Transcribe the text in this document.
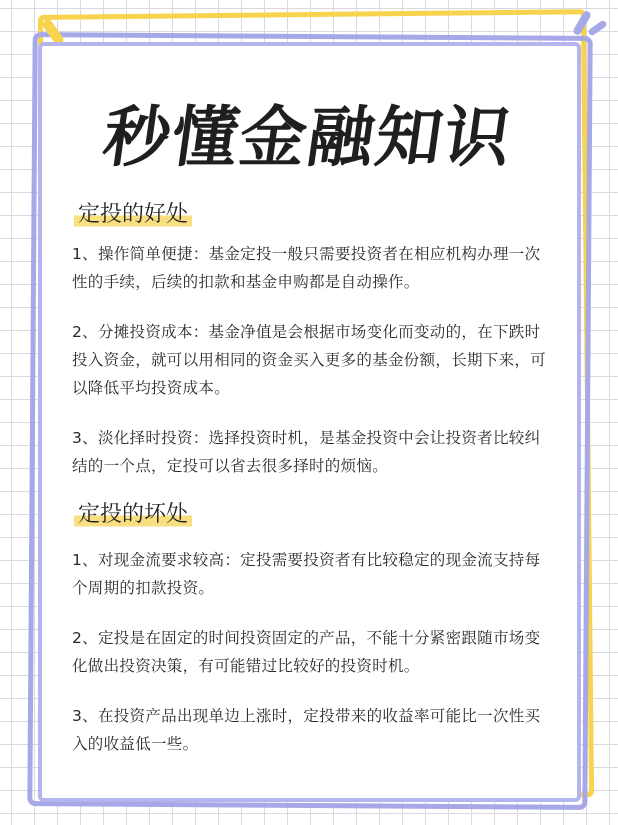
秒懂金融知识
定投的好处
1、操作简单便捷：基金定投一般只需要投资者在相应机构办理一次性的手续，后续的扣款和基金申购都是自动操作。
2、分摊投资成本：基金净值是会根据市场变化而变动的，在下跌时投入资金，就可以用相同的资金买入更多的基金份额，长期下来，可以降低平均投资成本。
3、淡化择时投资：选择投资时机，是基金投资中会让投资者比较纠结的一个点，定投可以省去很多择时的烦恼。
定投的坏处
1、对现金流要求较高：定投需要投资者有比较稳定的现金流支持每个周期的扣款投资。
2、定投是在固定的时间投资固定的产品，不能十分紧密跟随市场变化做出投资决策，有可能错过比较好的投资时机。
3、在投资产品出现单边上涨时，定投带来的收益率可能比一次性买入的收益低一些。
